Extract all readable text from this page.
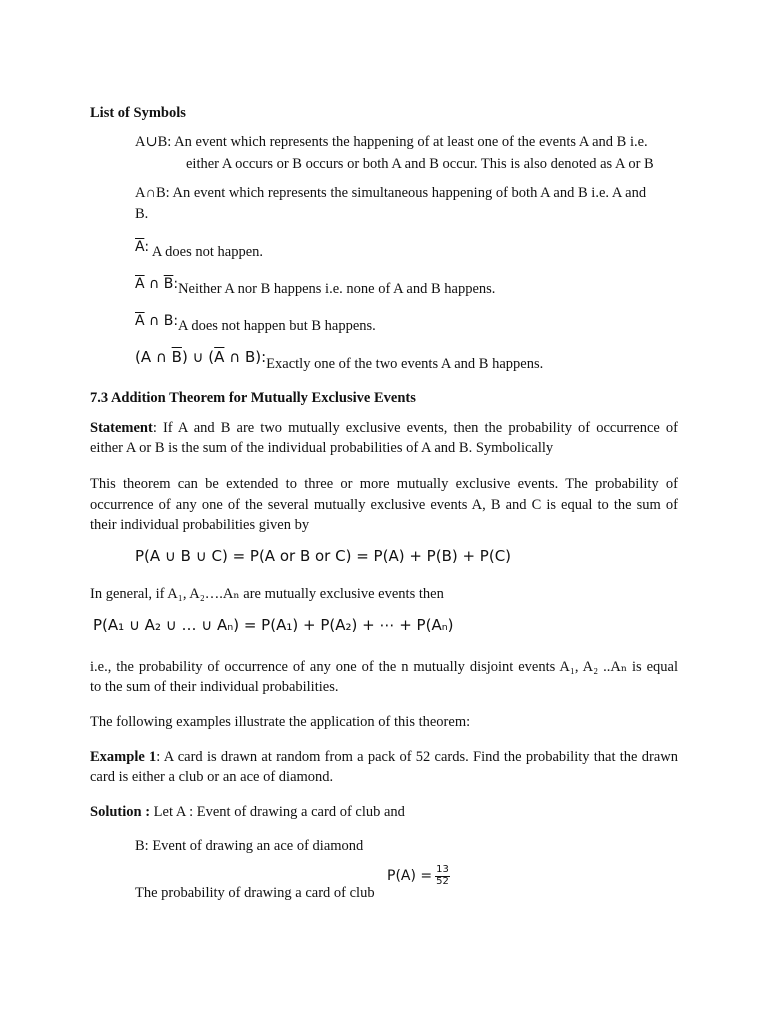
List of Symbols
A∪B: An event which represents the happening of at least one of the events A and B i.e.
either A occurs or B occurs or both A and B occur. This is also denoted as A or B
A∩B: An event which represents the simultaneous happening of both A and B i.e. A and
B.
$\overline{A}$: A does not happen.
$\overline{A}$ ∩ $\overline{B}:Neither$ A nor B happens i.e. none of A and B happens.
$\overline{A}$ ∩ B:A does not happen but B happens.
(A ∩ $\overline{B}$) ∪ ($\overline{A}$ ∩ B):Exactly one of the two events A and B happens.
7.3 Addition Theorem for Mutually Exclusive Events
Statement: If A and B are two mutually exclusive events, then the probability of occurrence of
either A or B is the sum of the individual probabilities of A and B. Symbolically
This theorem can be extended to three or more mutually exclusive events. The probability of
occurrence of any one of the several mutually exclusive events A, B and C is equal to the sum of
their individual probabilities given by
P(A ∪ B ∪ C) = P(A or B or C) = P(A) + P(B) + P(C)
In general, if A₁, A₂….Aₙ are mutually exclusive events then
P(A₁ ∪ A₂ ∪ … ∪ Aₙ) = P(A₁) + P(A₂) + ⋯ + P(Aₙ)
i.e., the probability of occurrence of any one of the n mutually disjoint events A₁, A₂ ..Aₙ is equal
to the sum of their individual probabilities.
The following examples illustrate the application of this theorem:
Example 1: A card is drawn at random from a pack of 52 cards. Find the probability that the drawn
card is either a club or an ace of diamond.
Solution : Let A : Event of drawing a card of club and
B: Event of drawing an ace of diamond
The probability of drawing a card of club
$P(A) = \frac{13}{52}$
